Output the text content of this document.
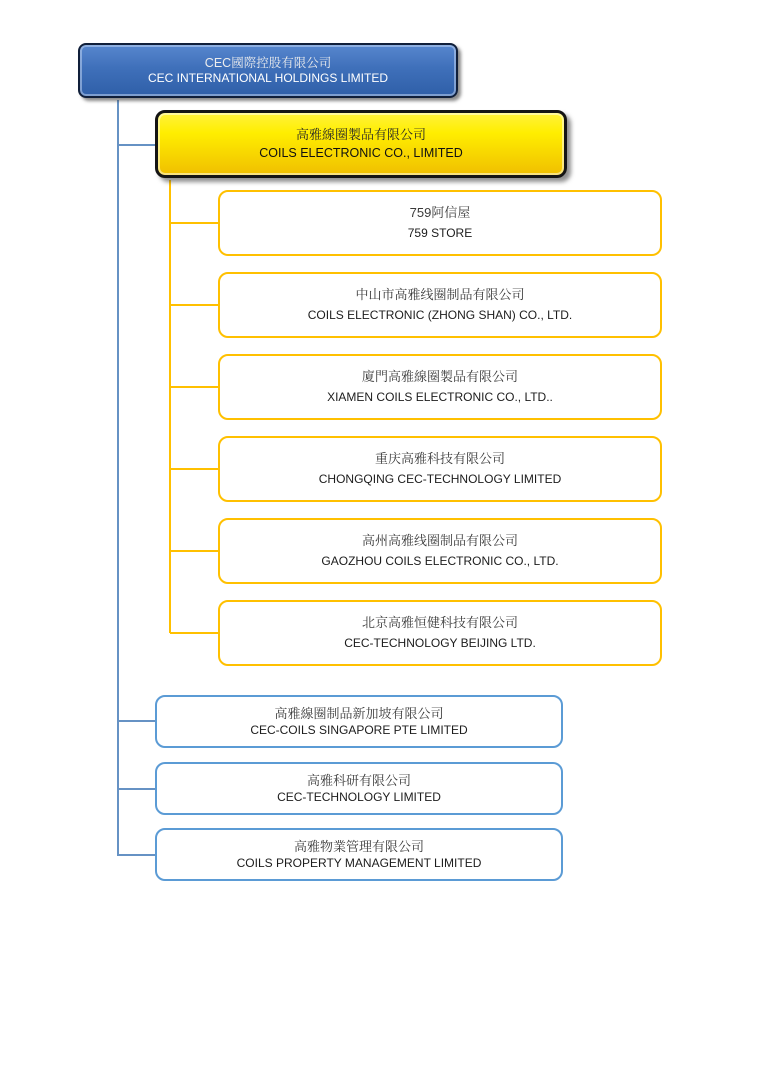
CEC國際控股有限公司
CEC INTERNATIONAL HOLDINGS LIMITED
高雅線圈製品有限公司
COILS ELECTRONIC CO., LIMITED
759阿信屋
759 STORE
中山市高雅线圈制品有限公司
COILS ELECTRONIC (ZHONG SHAN) CO., LTD.
廈門高雅線圈製品有限公司
XIAMEN COILS ELECTRONIC CO., LTD..
重庆高雅科技有限公司
CHONGQING CEC-TECHNOLOGY LIMITED
高州高雅线圈制品有限公司
GAOZHOU COILS ELECTRONIC CO., LTD.
北京高雅恒健科技有限公司
CEC-TECHNOLOGY BEIJING LTD.
高雅線圈制品新加坡有限公司
CEC-COILS SINGAPORE PTE LIMITED
高雅科研有限公司
CEC-TECHNOLOGY LIMITED
高雅物業管理有限公司
COILS PROPERTY MANAGEMENT LIMITED
